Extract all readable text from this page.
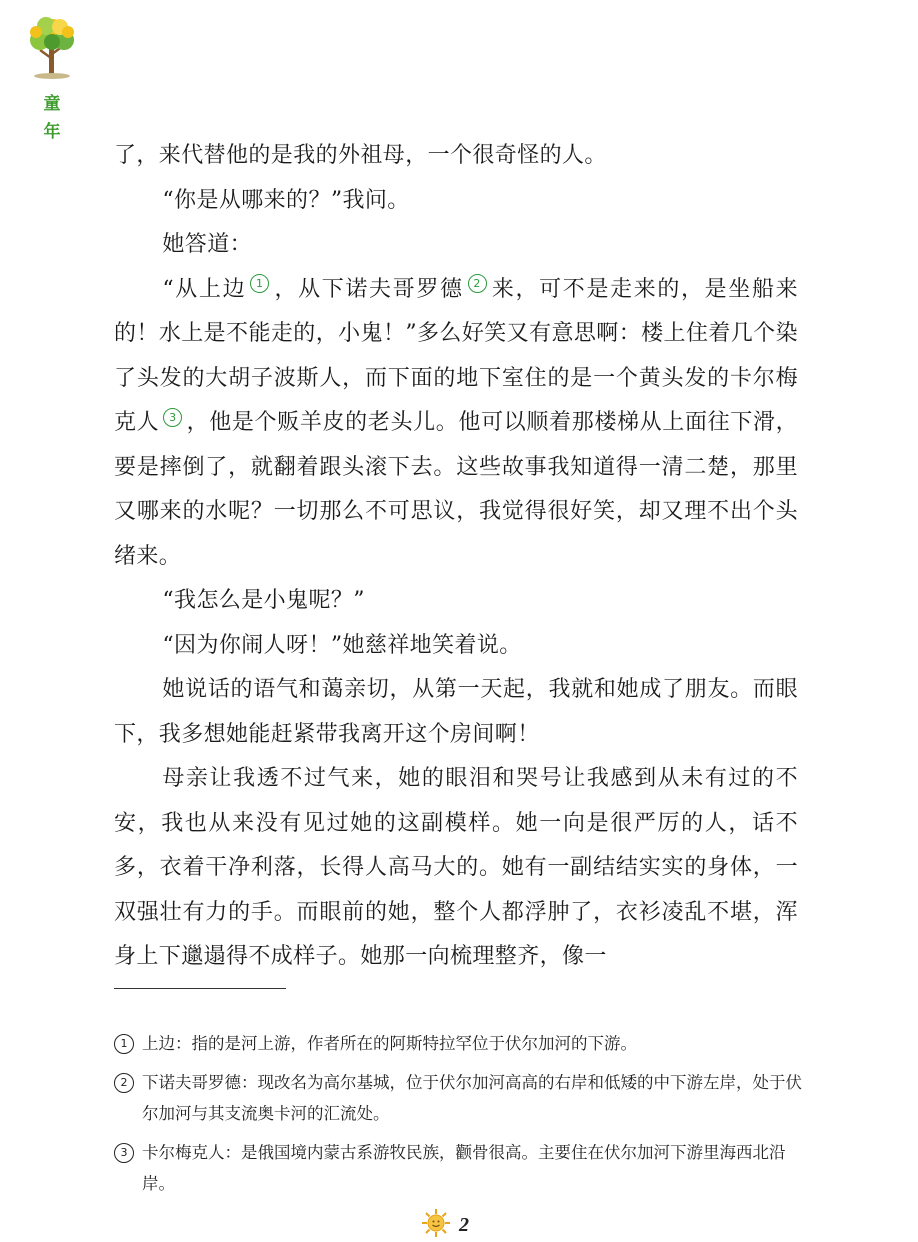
童
年

了，来代替他的是我的外祖母，一个很奇怪的人。

“你是从哪来的？”我问。

她答道：

“从上边 1 ，从下诺夫哥罗德 2 来，可不是走来的，是坐船来的！水上是不能走的，小鬼！”多么好笑又有意思啊：楼上住着几个染了头发的大胡子波斯人，而下面的地下室住的是一个黄头发的卡尔梅克人 3 ，他是个贩羊皮的老头儿。他可以顺着那楼梯从上面往下滑，要是摔倒了，就翻着跟头滚下去。这些故事我知道得一清二楚，那里又哪来的水呢？一切那么不可思议，我觉得很好笑，却又理不出个头绪来。

“我怎么是小鬼呢？”

“因为你闹人呀！”她慈祥地笑着说。

她说话的语气和蔼亲切，从第一天起，我就和她成了朋友。而眼下，我多想她能赶紧带我离开这个房间啊！

母亲让我透不过气来，她的眼泪和哭号让我感到从未有过的不安，我也从来没有见过她的这副模样。她一向是很严厉的人，话不多，衣着干净利落，长得人高马大的。她有一副结结实实的身体，一双强壮有力的手。而眼前的她，整个人都浮肿了，衣衫凌乱不堪，浑身上下邋遢得不成样子。她那一向梳理整齐，像一

1 上边：指的是河上游，作者所在的阿斯特拉罕位于伏尔加河的下游。
2 下诺夫哥罗德：现改名为高尔基城，位于伏尔加河高高的右岸和低矮的中下游左岸，处于伏尔加河与其支流奥卡河的汇流处。
3 卡尔梅克人：是俄国境内蒙古系游牧民族，颧骨很高。主要住在伏尔加河下游里海西北沿岸。
2
